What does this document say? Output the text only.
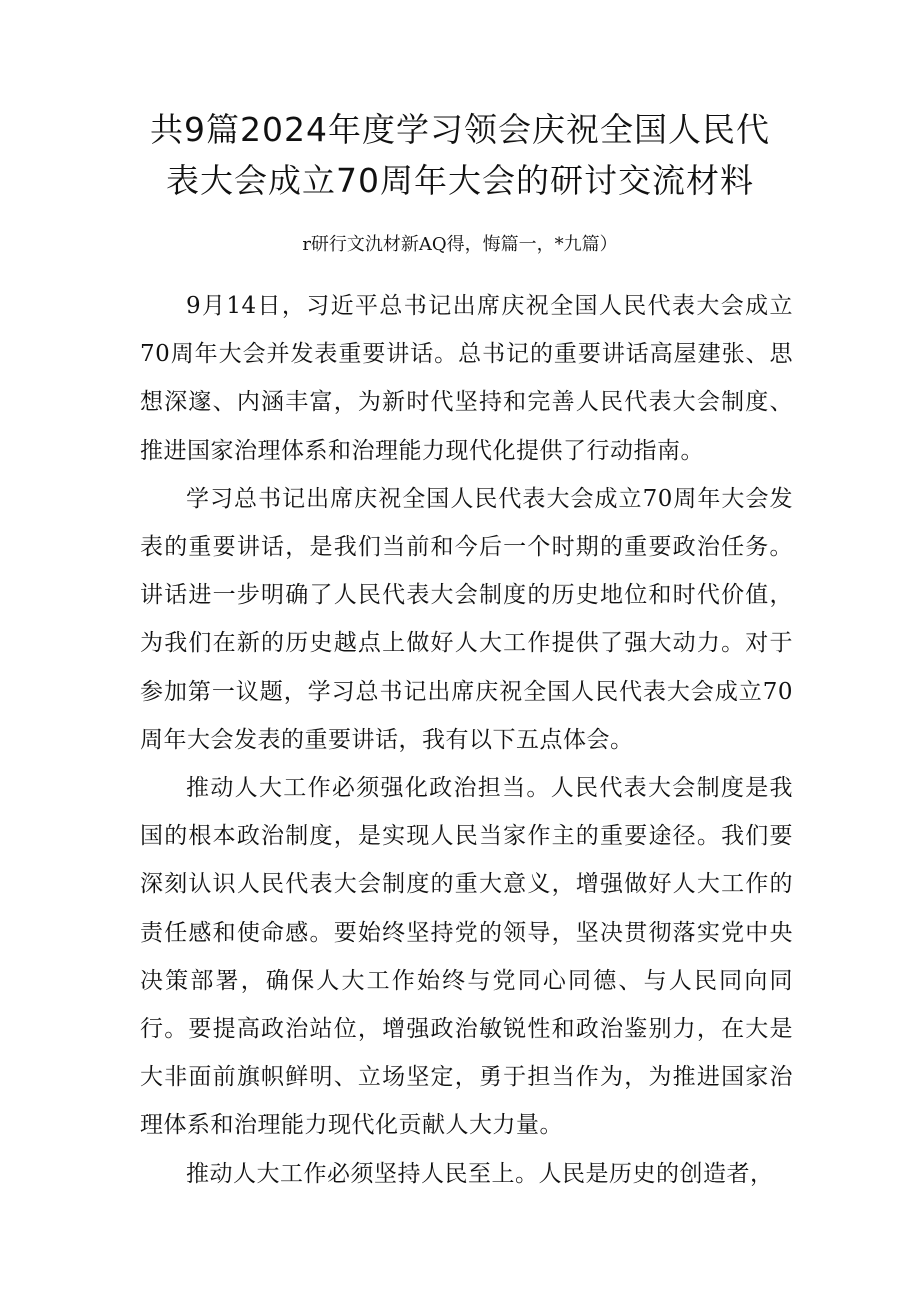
共9篇2024年度学习领会庆祝全国人民代
表大会成立70周年大会的研讨交流材料
r研行文氿材新AQ得，悔篇一，*九篇）

9月14日，习近平总书记出席庆祝全国人民代表大会成立70周年大会并发表重要讲话。总书记的重要讲话高屋建张、思想深邃、内涵丰富，为新时代坚持和完善人民代表大会制度、推进国家治理体系和治理能力现代化提供了行动指南。

学习总书记出席庆祝全国人民代表大会成立70周年大会发表的重要讲话，是我们当前和今后一个时期的重要政治任务。讲话进一步明确了人民代表大会制度的历史地位和时代价值，为我们在新的历史越点上做好人大工作提供了强大动力。对于参加第一议题，学习总书记出席庆祝全国人民代表大会成立70周年大会发表的重要讲话，我有以下五点体会。

推动人大工作必须强化政治担当。人民代表大会制度是我国的根本政治制度，是实现人民当家作主的重要途径。我们要深刻认识人民代表大会制度的重大意义，增强做好人大工作的责任感和使命感。要始终坚持党的领导，坚决贯彻落实党中央决策部署，确保人大工作始终与党同心同德、与人民同向同行。要提高政治站位，增强政治敏锐性和政治鉴别力，在大是大非面前旗帜鲜明、立场坚定，勇于担当作为，为推进国家治理体系和治理能力现代化贡献人大力量。

推动人大工作必须坚持人民至上。人民是历史的创造者，
